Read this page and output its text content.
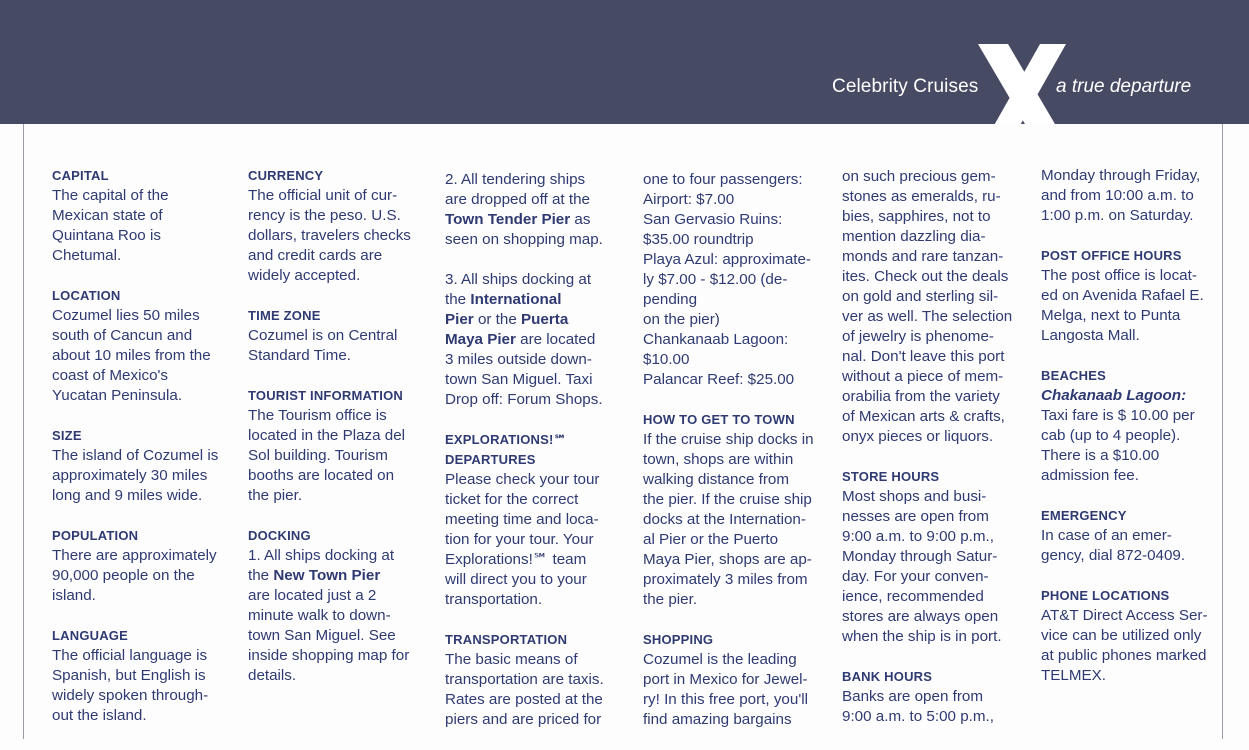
Celebrity Cruises	a true departure
CAPITAL
The capital of the
Mexican state of
Quintana Roo is
Chetumal.
LOCATION
Cozumel lies 50 miles
south of Cancun and
about 10 miles from the
coast of Mexico's
Yucatan Peninsula.
SIZE
The island of Cozumel is
approximately 30 miles
long and 9 miles wide.
POPULATION
There are approximately
90,000 people on the
island.
LANGUAGE
The official language is
Spanish, but English is
widely spoken through-
out the island.
CURRENCY
The official unit of cur-
rency is the peso. U.S.
dollars, travelers checks
and credit cards are
widely accepted.
TIME ZONE
Cozumel is on Central
Standard Time.
TOURIST INFORMATION
The Tourism office is
located in the Plaza del
Sol building. Tourism
booths are located on
the pier.
DOCKING
1. All ships docking at
the New Town Pier
are located just a 2
minute walk to down-
town San Miguel. See
inside shopping map for
details.
2. All tendering ships
are dropped off at the
Town Tender Pier as
seen on shopping map.
3. All ships docking at
the International
Pier or the Puerta
Maya Pier are located
3 miles outside down-
town San Miguel. Taxi
Drop off: Forum Shops.
EXPLORATIONS!℠
DEPARTURES
Please check your tour
ticket for the correct
meeting time and loca-
tion for your tour. Your
Explorations!℠ team
will direct you to your
transportation.
TRANSPORTATION
The basic means of
transportation are taxis.
Rates are posted at the
piers and are priced for
one to four passengers:
Airport: $7.00
San Gervasio Ruins:
$35.00 roundtrip
Playa Azul: approximate-
ly $7.00 - $12.00 (de-
pending
on the pier)
Chankanaab Lagoon:
$10.00
Palancar Reef: $25.00
HOW TO GET TO TOWN
If the cruise ship docks in
town, shops are within
walking distance from
the pier. If the cruise ship
docks at the Internation-
al Pier or the Puerto
Maya Pier, shops are ap-
proximately 3 miles from
the pier.
SHOPPING
Cozumel is the leading
port in Mexico for Jewel-
ry! In this free port, you'll
find amazing bargains
on such precious gem-
stones as emeralds, ru-
bies, sapphires, not to
mention dazzling dia-
monds and rare tanzan-
ites. Check out the deals
on gold and sterling sil-
ver as well. The selection
of jewelry is phenome-
nal. Don't leave this port
without a piece of mem-
orabilia from the variety
of Mexican arts & crafts,
onyx pieces or liquors.
STORE HOURS
Most shops and busi-
nesses are open from
9:00 a.m. to 9:00 p.m.,
Monday through Satur-
day. For your conven-
ience, recommended
stores are always open
when the ship is in port.
BANK HOURS
Banks are open from
9:00 a.m. to 5:00 p.m.,
Monday through Friday,
and from 10:00 a.m. to
1:00 p.m. on Saturday.
POST OFFICE HOURS
The post office is locat-
ed on Avenida Rafael E.
Melga, next to Punta
Langosta Mall.
BEACHES
Chakanaab Lagoon:
Taxi fare is $ 10.00 per
cab (up to 4 people).
There is a $10.00
admission fee.
EMERGENCY
In case of an emer-
gency, dial 872-0409.
PHONE LOCATIONS
AT&T Direct Access Ser-
vice can be utilized only
at public phones marked
TELMEX.
